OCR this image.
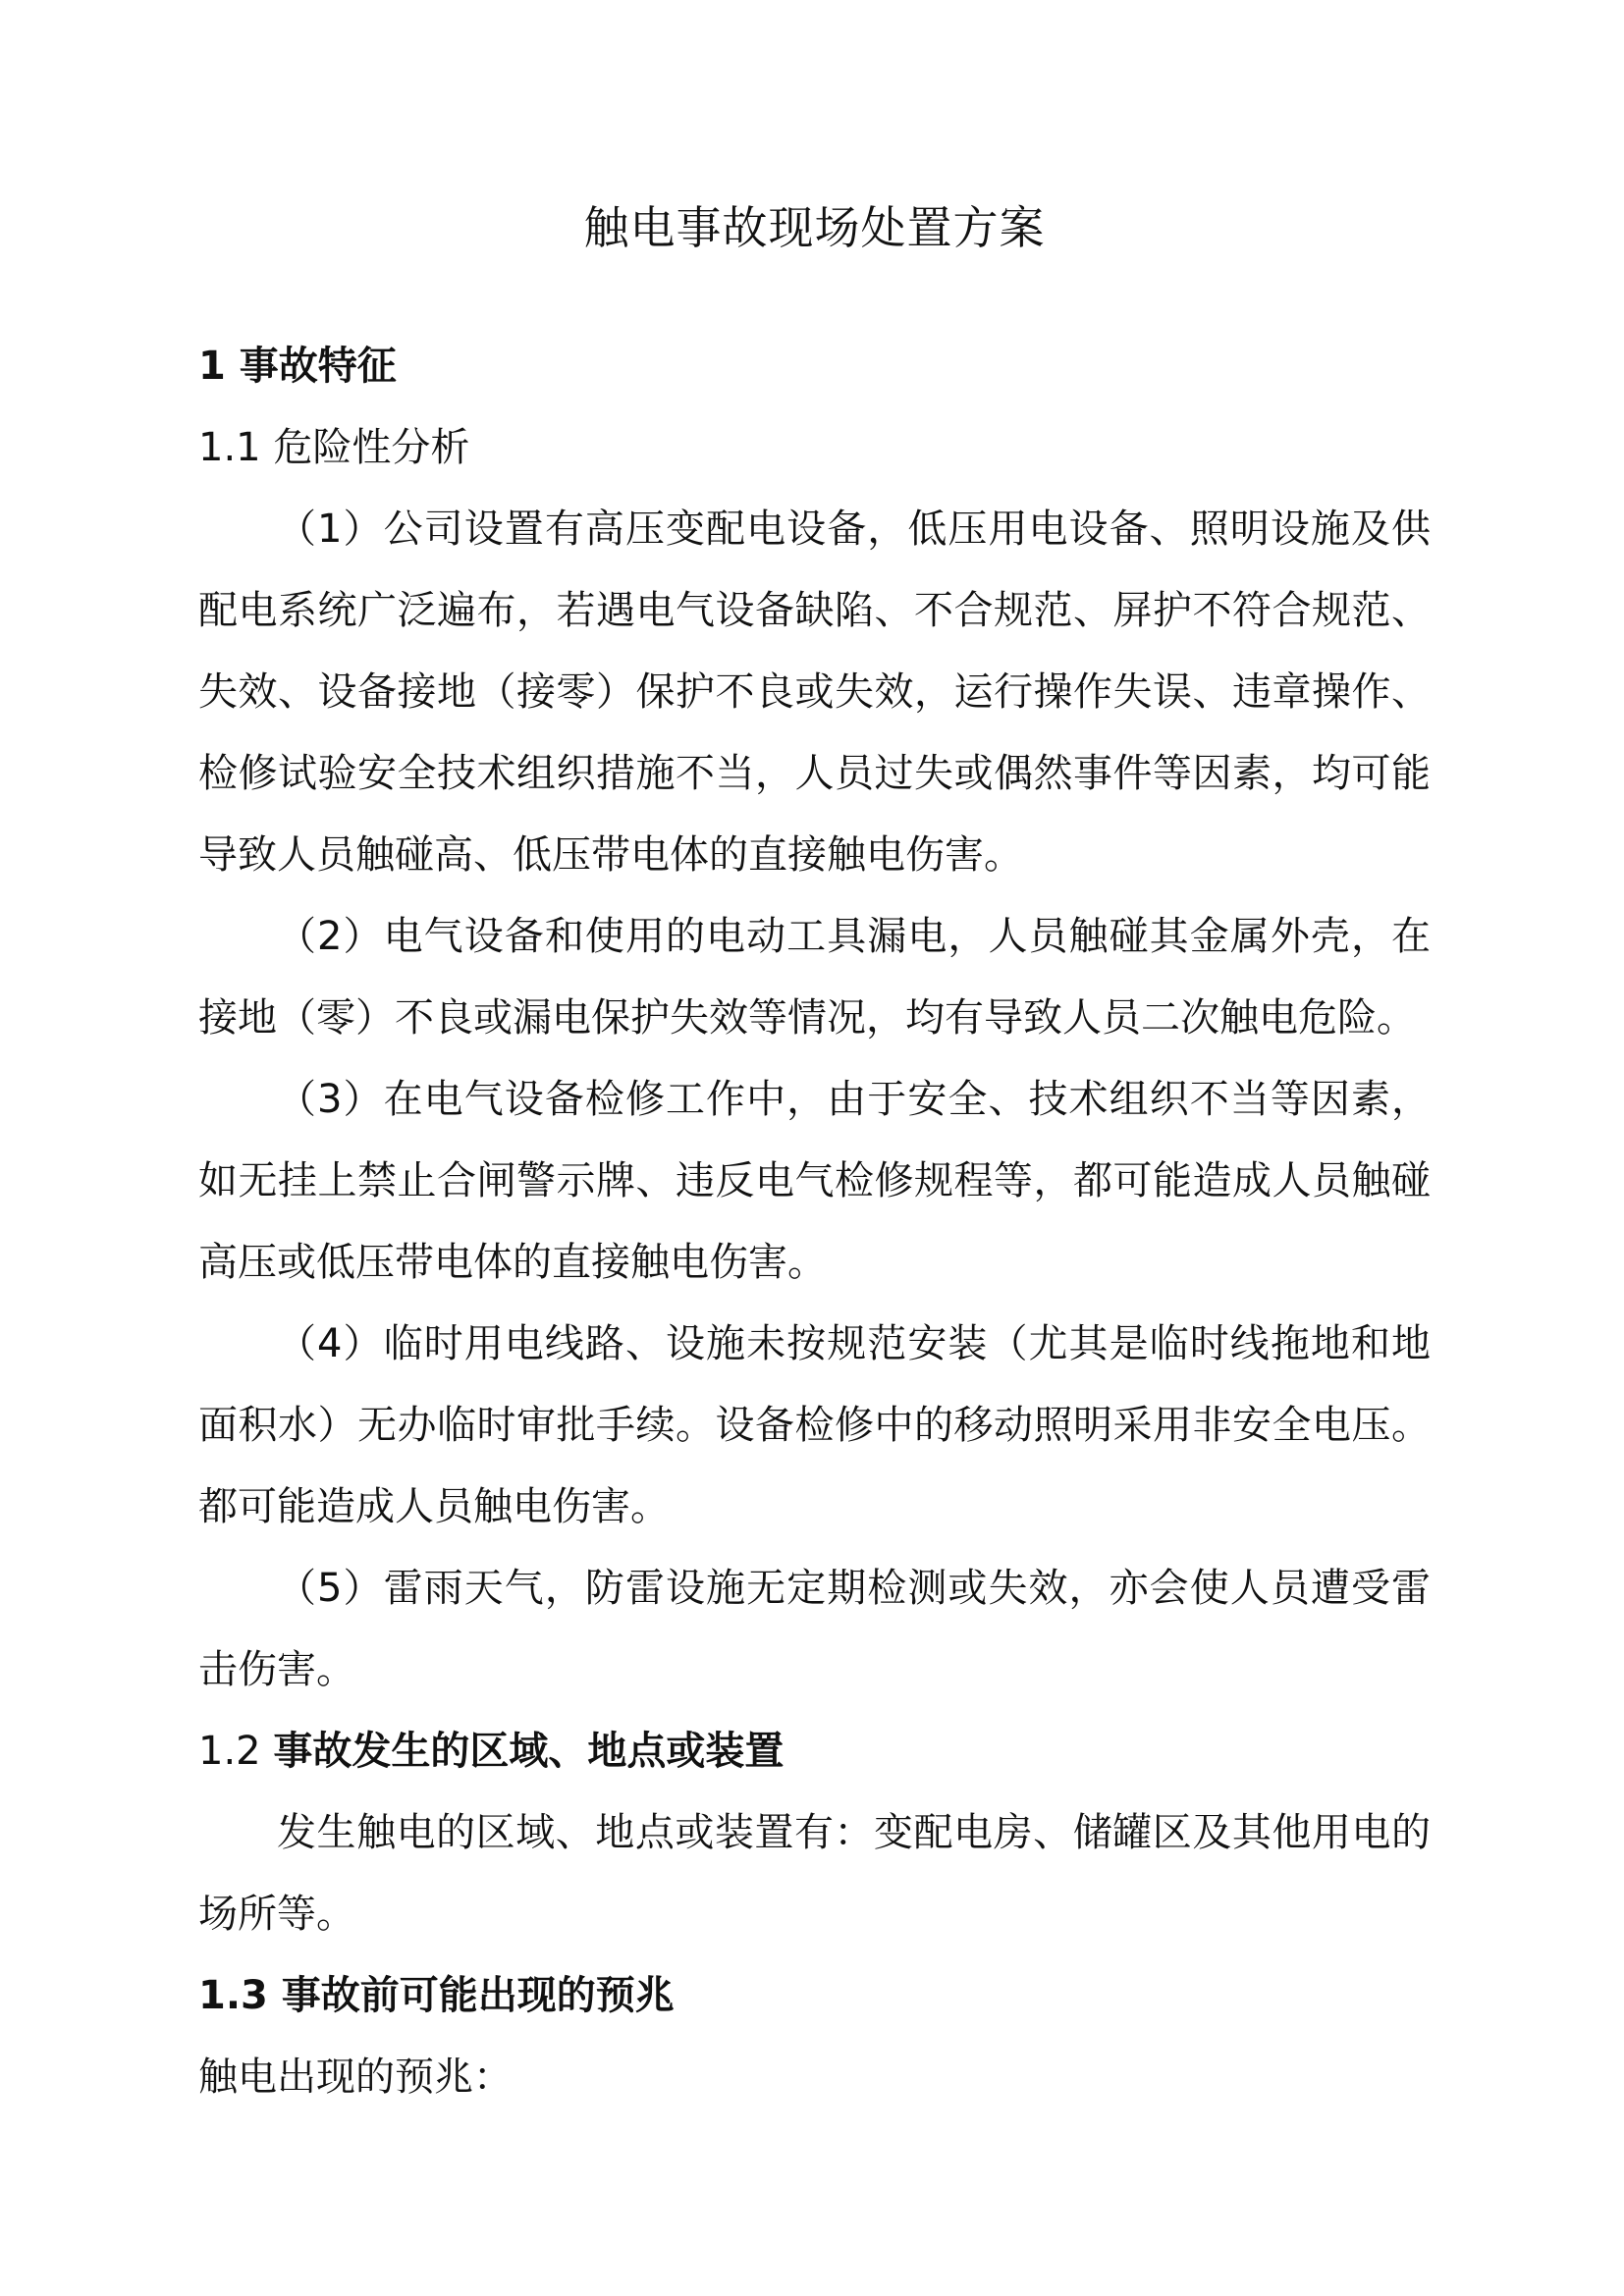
触电事故现场处置方案
1 事故特征
1.1 危险性分析

（1）公司设置有高压变配电设备，低压用电设备、照明设施及供配电系统广泛遍布，若遇电气设备缺陷、不合规范、屏护不符合规范、失效、设备接地（接零）保护不良或失效，运行操作失误、违章操作、检修试验安全技术组织措施不当，人员过失或偶然事件等因素，均可能导致人员触碰高、低压带电体的直接触电伤害。

（2）电气设备和使用的电动工具漏电，人员触碰其金属外壳，在接地（零）不良或漏电保护失效等情况，均有导致人员二次触电危险。

（3）在电气设备检修工作中，由于安全、技术组织不当等因素，如无挂上禁止合闸警示牌、违反电气检修规程等，都可能造成人员触碰高压或低压带电体的直接触电伤害。

（4）临时用电线路、设施未按规范安装（尤其是临时线拖地和地面积水）无办临时审批手续。设备检修中的移动照明采用非安全电压。都可能造成人员触电伤害。

（5）雷雨天气，防雷设施无定期检测或失效，亦会使人员遭受雷击伤害。

1.2 事故发生的区域、地点或装置

发生触电的区域、地点或装置有：变配电房、储罐区及其他用电的场所等。

1.3 事故前可能出现的预兆

触电出现的预兆：
